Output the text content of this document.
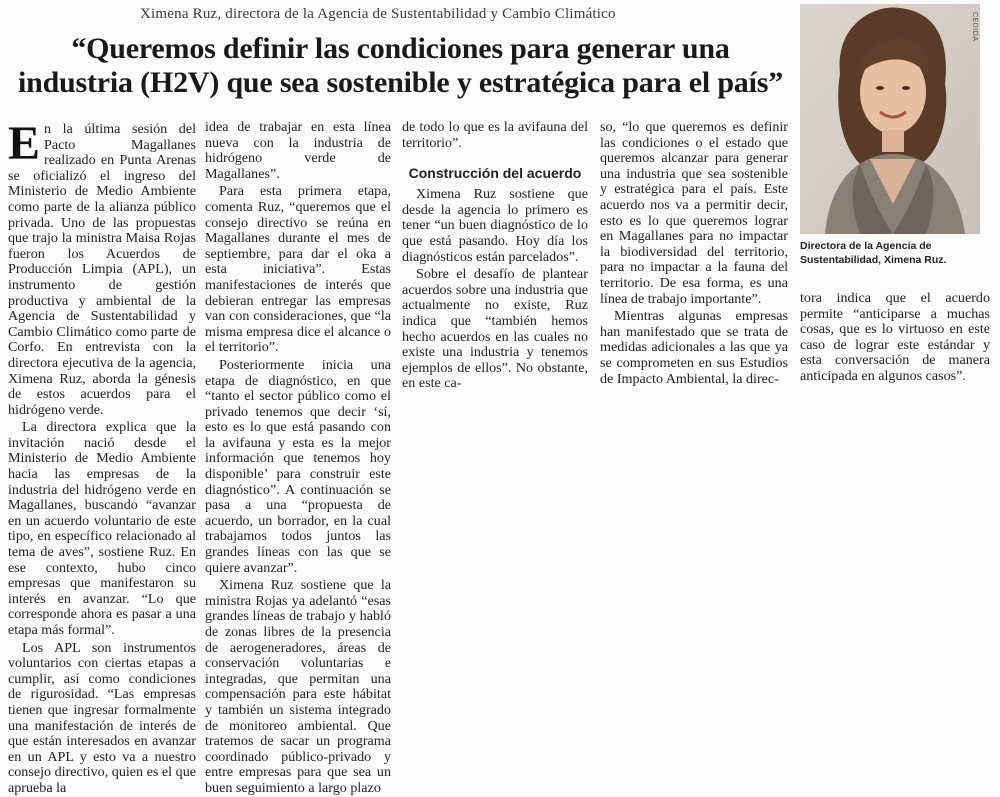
Ximena Ruz, directora de la Agencia de Sustentabilidad y Cambio Climático
“Queremos definir las condiciones para generar una
industria (H2V) que sea sostenible y estratégica para el país”

En la última sesión del Pacto Magallanes realizado en Punta Arenas se oficializó el ingreso del Ministerio de Medio Ambiente como parte de la alianza público privada. Uno de las propuestas que trajo la ministra Maisa Rojas fueron los Acuerdos de Producción Limpia (APL), un instrumento de gestión productiva y ambiental de la Agencia de Sustentabilidad y Cambio Climático como parte de Corfo. En entrevista con la directora ejecutiva de la agencia, Ximena Ruz, aborda la génesis de estos acuerdos para el hidrógeno verde.

La directora explica que la invitación nació desde el Ministerio de Medio Ambiente hacia las empresas de la industria del hidrógeno verde en Magallanes, buscando “avanzar en un acuerdo voluntario de este tipo, en específico relacionado al tema de aves”, sostiene Ruz. En ese contexto, hubo cinco empresas que manifestaron su interés en avanzar. “Lo que corresponde ahora es pasar a una etapa más formal”.

Los APL son instrumentos voluntarios con ciertas etapas a cumplir, así como condiciones de rigurosidad. “Las empresas tienen que ingresar formalmente una manifestación de interés de que están interesados en avanzar en un APL y esto va a nuestro consejo directivo, quien es el que aprueba la

idea de trabajar en esta línea nueva con la industria de hidrógeno verde de Magallanes”.

Para esta primera etapa, comenta Ruz, “queremos que el consejo directivo se reúna en Magallanes durante el mes de septiembre, para dar el oka a esta iniciativa”. Estas manifestaciones de interés que debieran entregar las empresas van con consideraciones, que “la misma empresa dice el alcance o el territorio”.

Posteriormente inicia una etapa de diagnóstico, en que “tanto el sector público como el privado tenemos que decir ‘sí, esto es lo que está pasando con la avifauna y esta es la mejor información que tenemos hoy disponible’ para construir este diagnóstico”. A continuación se pasa a una “propuesta de acuerdo, un borrador, en la cual trabajamos todos juntos las grandes líneas con las que se quiere avanzar”.

Ximena Ruz sostiene que la ministra Rojas ya adelantó “esas grandes líneas de trabajo y habló de zonas libres de la presencia de aerogeneradores, áreas de conservación voluntarias e integradas, que permitan una compensación para este hábitat y también un sistema integrado de monitoreo ambiental. Que tratemos de sacar un programa coordinado público-privado y entre empresas para que sea un buen seguimiento a largo plazo

de todo lo que es la avifauna del territorio”.

Construcción del acuerdo

Ximena Ruz sostiene que desde la agencia lo primero es tener “un buen diagnóstico de lo que está pasando. Hoy día los diagnósticos están parcelados”.

Sobre el desafío de plantear acuerdos sobre una industria que actualmente no existe, Ruz indica que “también hemos hecho acuerdos en las cuales no existe una industria y tenemos ejemplos de ellos”. No obstante, en este ca-

so, “lo que queremos es definir las condiciones o el estado que queremos alcanzar para generar una industria que sea sostenible y estratégica para el país. Este acuerdo nos va a permitir decir, esto es lo que queremos lograr en Magallanes para no impactar la biodiversidad del territorio, para no impactar a la fauna del territorio. De esa forma, es una línea de trabajo importante”.

Mientras algunas empresas han manifestado que se trata de medidas adicionales a las que ya se comprometen en sus Estudios de Impacto Ambiental, la direc-

CEDIDA
Directora de la Agencia de Sustentabilidad, Ximena Ruz.

tora indica que el acuerdo permite “anticiparse a muchas cosas, que es lo virtuoso en este caso de lograr este estándar y esta conversación de manera anticipada en algunos casos”.
